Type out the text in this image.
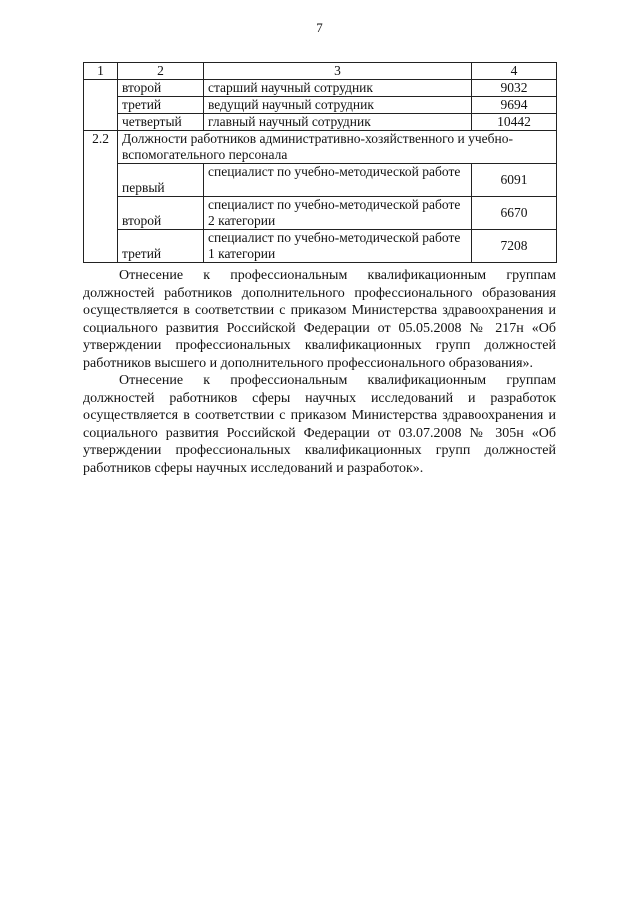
7
1	2	3	4
	второй	старший научный сотрудник	9032
	третий	ведущий научный сотрудник	9694
	четвертый	главный научный сотрудник	10442
2.2	Должности работников административно-хозяйственного и учебно-вспомогательного персонала		
	первый	специалист по учебно-методической работе	6091
	второй	специалист по учебно-методической работе 2 категории	6670
	третий	специалист по учебно-методической работе 1 категории	7208

Отнесение к профессиональным квалификационным группам должностей работников дополнительного профессионального образования осуществляется в соответствии с приказом Министерства здравоохранения и социального развития Российской Федерации от 05.05.2008 № 217н «Об утверждении профессиональных квалификационных групп должностей работников высшего и дополнительного профессионального образования».

Отнесение к профессиональным квалификационным группам должностей работников сферы научных исследований и разработок осуществляется в соответствии с приказом Министерства здравоохранения и социального развития Российской Федерации от 03.07.2008 № 305н «Об утверждении профессиональных квалификационных групп должностей работников сферы научных исследований и разработок».
